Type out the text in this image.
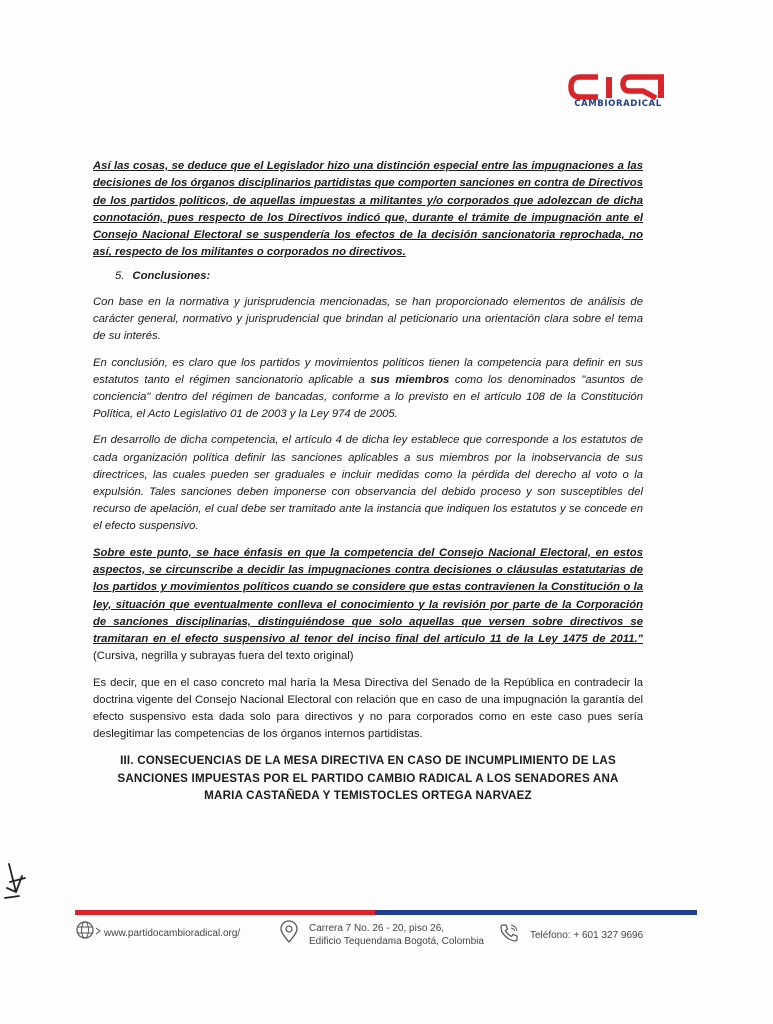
CAMBIORADICAL

Así las cosas, se deduce que el Legislador hizo una distinción especial entre las impugnaciones a las decisiones de los órganos disciplinarios partidistas que comporten sanciones en contra de Directivos de los partidos políticos, de aquellas impuestas a militantes y/o corporados que adolezcan de dicha connotación, pues respecto de los Directivos indicó que, durante el trámite de impugnación ante el Consejo Nacional Electoral se suspendería los efectos de la decisión sancionatoria reprochada, no así, respecto de los militantes o corporados no directivos.

5. Conclusiones:

Con base en la normativa y jurisprudencia mencionadas, se han proporcionado elementos de análisis de carácter general, normativo y jurisprudencial que brindan al peticionario una orientación clara sobre el tema de su interés.

En conclusión, es claro que los partidos y movimientos políticos tienen la competencia para definir en sus estatutos tanto el régimen sancionatorio aplicable a sus miembros como los denominados "asuntos de conciencia" dentro del régimen de bancadas, conforme a lo previsto en el artículo 108 de la Constitución Política, el Acto Legislativo 01 de 2003 y la Ley 974 de 2005.

En desarrollo de dicha competencia, el artículo 4 de dicha ley establece que corresponde a los estatutos de cada organización política definir las sanciones aplicables a sus miembros por la inobservancia de sus directrices, las cuales pueden ser graduales e incluir medidas como la pérdida del derecho al voto o la expulsión. Tales sanciones deben imponerse con observancia del debido proceso y son susceptibles del recurso de apelación, el cual debe ser tramitado ante la instancia que indiquen los estatutos y se concede en el efecto suspensivo.

Sobre este punto, se hace énfasis en que la competencia del Consejo Nacional Electoral, en estos aspectos, se circunscribe a decidir las impugnaciones contra decisiones o cláusulas estatutarias de los partidos y movimientos políticos cuando se considere que estas contravienen la Constitución o la ley, situación que eventualmente conlleva el conocimiento y la revisión por parte de la Corporación de sanciones disciplinarias, distinguiéndose que solo aquellas que versen sobre directivos se tramitaran en el efecto suspensivo al tenor del inciso final del artículo 11 de la Ley 1475 de 2011." (Cursiva, negrilla y subrayas fuera del texto original)

Es decir, que en el caso concreto mal haría la Mesa Directiva del Senado de la República en contradecir la doctrina vigente del Consejo Nacional Electoral con relación que en caso de una impugnación la garantía del efecto suspensivo esta dada solo para directivos y no para corporados como en este caso pues sería deslegitimar las competencias de los órganos internos partidistas.

III. CONSECUENCIAS DE LA MESA DIRECTIVA EN CASO DE INCUMPLIMIENTO DE LAS SANCIONES IMPUESTAS POR EL PARTIDO CAMBIO RADICAL A LOS SENADORES ANA MARIA CASTAÑEDA Y TEMISTOCLES ORTEGA NARVAEZ
www.partidocambioradical.org/	Carrera 7 No. 26 - 20, piso 26,
Edificio Tequendama Bogotá, Colombia
Teléfono: + 601 327 9696
